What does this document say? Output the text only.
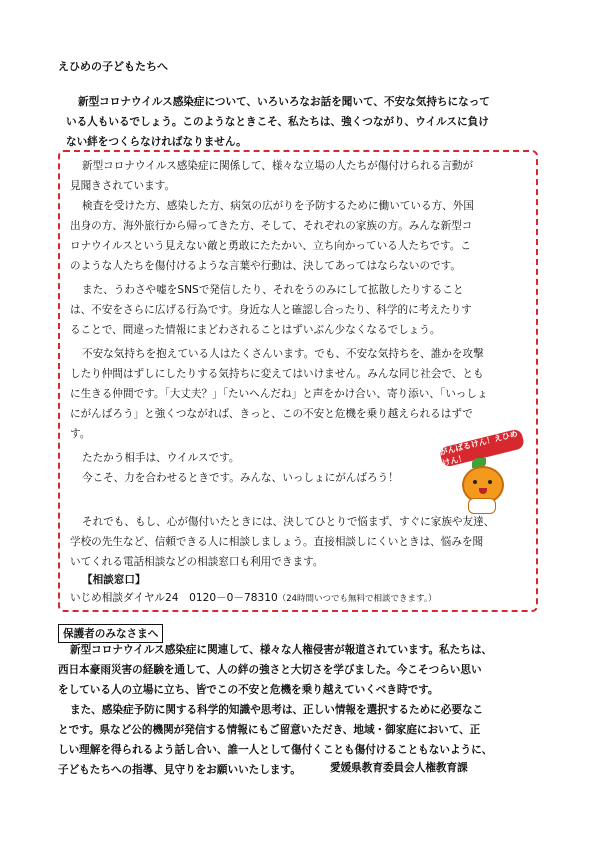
えひめの子どもたちへ
新型コロナウイルス感染症について、いろいろなお話を聞いて、不安な気持ちになって
いる人もいるでしょう。このようなときこそ、私たちは、強くつながり、ウイルスに負け
ない絆をつくらなければなりません。
新型コロナウイルス感染症に関係して、様々な立場の人たちが傷付けられる言動が
見聞きされています。
検査を受けた方、感染した方、病気の広がりを予防するために働いている方、外国
出身の方、海外旅行から帰ってきた方、そして、それぞれの家族の方。みんな新型コ
ロナウイルスという見えない敵と勇敢にたたかい、立ち向かっている人たちです。こ
のような人たちを傷付けるような言葉や行動は、決してあってはならないのです。
また、うわさや嘘をSNSで発信したり、それをうのみにして拡散したりすること
は、不安をさらに広げる行為です。身近な人と確認し合ったり、科学的に考えたりす
ることで、間違った情報にまどわされることはずいぶん少なくなるでしょう。
不安な気持ちを抱えている人はたくさんいます。でも、不安な気持ちを、誰かを攻撃
したり仲間はずしにしたりする気持ちに変えてはいけません。みんな同じ社会で、とも
に生きる仲間です。「大丈夫？」「たいへんだね」と声をかけ合い、寄り添い、「いっしょ
にがんばろう」と強くつながれば、きっと、この不安と危機を乗り越えられるはずで
す。
たたかう相手は、ウイルスです。
今こそ、力を合わせるときです。みんな、いっしょにがんばろう！
それでも、もし、心が傷付いたときには、決してひとりで悩まず、すぐに家族や友達、
学校の先生など、信頼できる人に相談しましょう。直接相談しにくいときは、悩みを聞
いてくれる電話相談などの相談窓口も利用できます。
【相談窓口】
いじめ相談ダイヤル24　0120－0－78310（24時間いつでも無料で相談できます。）
がんばるけん！えひめけん！
保護者のみなさまへ
新型コロナウイルス感染症に関連して、様々な人権侵害が報道されています。私たちは、
西日本豪雨災害の経験を通して、人の絆の強さと大切さを学びました。今こそつらい思い
をしている人の立場に立ち、皆でこの不安と危機を乗り越えていくべき時です。
また、感染症予防に関する科学的知識や思考は、正しい情報を選択するために必要なこ
とです。県など公的機関が発信する情報にもご留意いただき、地域・御家庭において、正
しい理解を得られるよう話し合い、誰一人として傷付くことも傷付けることもないように、
子どもたちへの指導、見守りをお願いいたします。	愛媛県教育委員会人権教育課
